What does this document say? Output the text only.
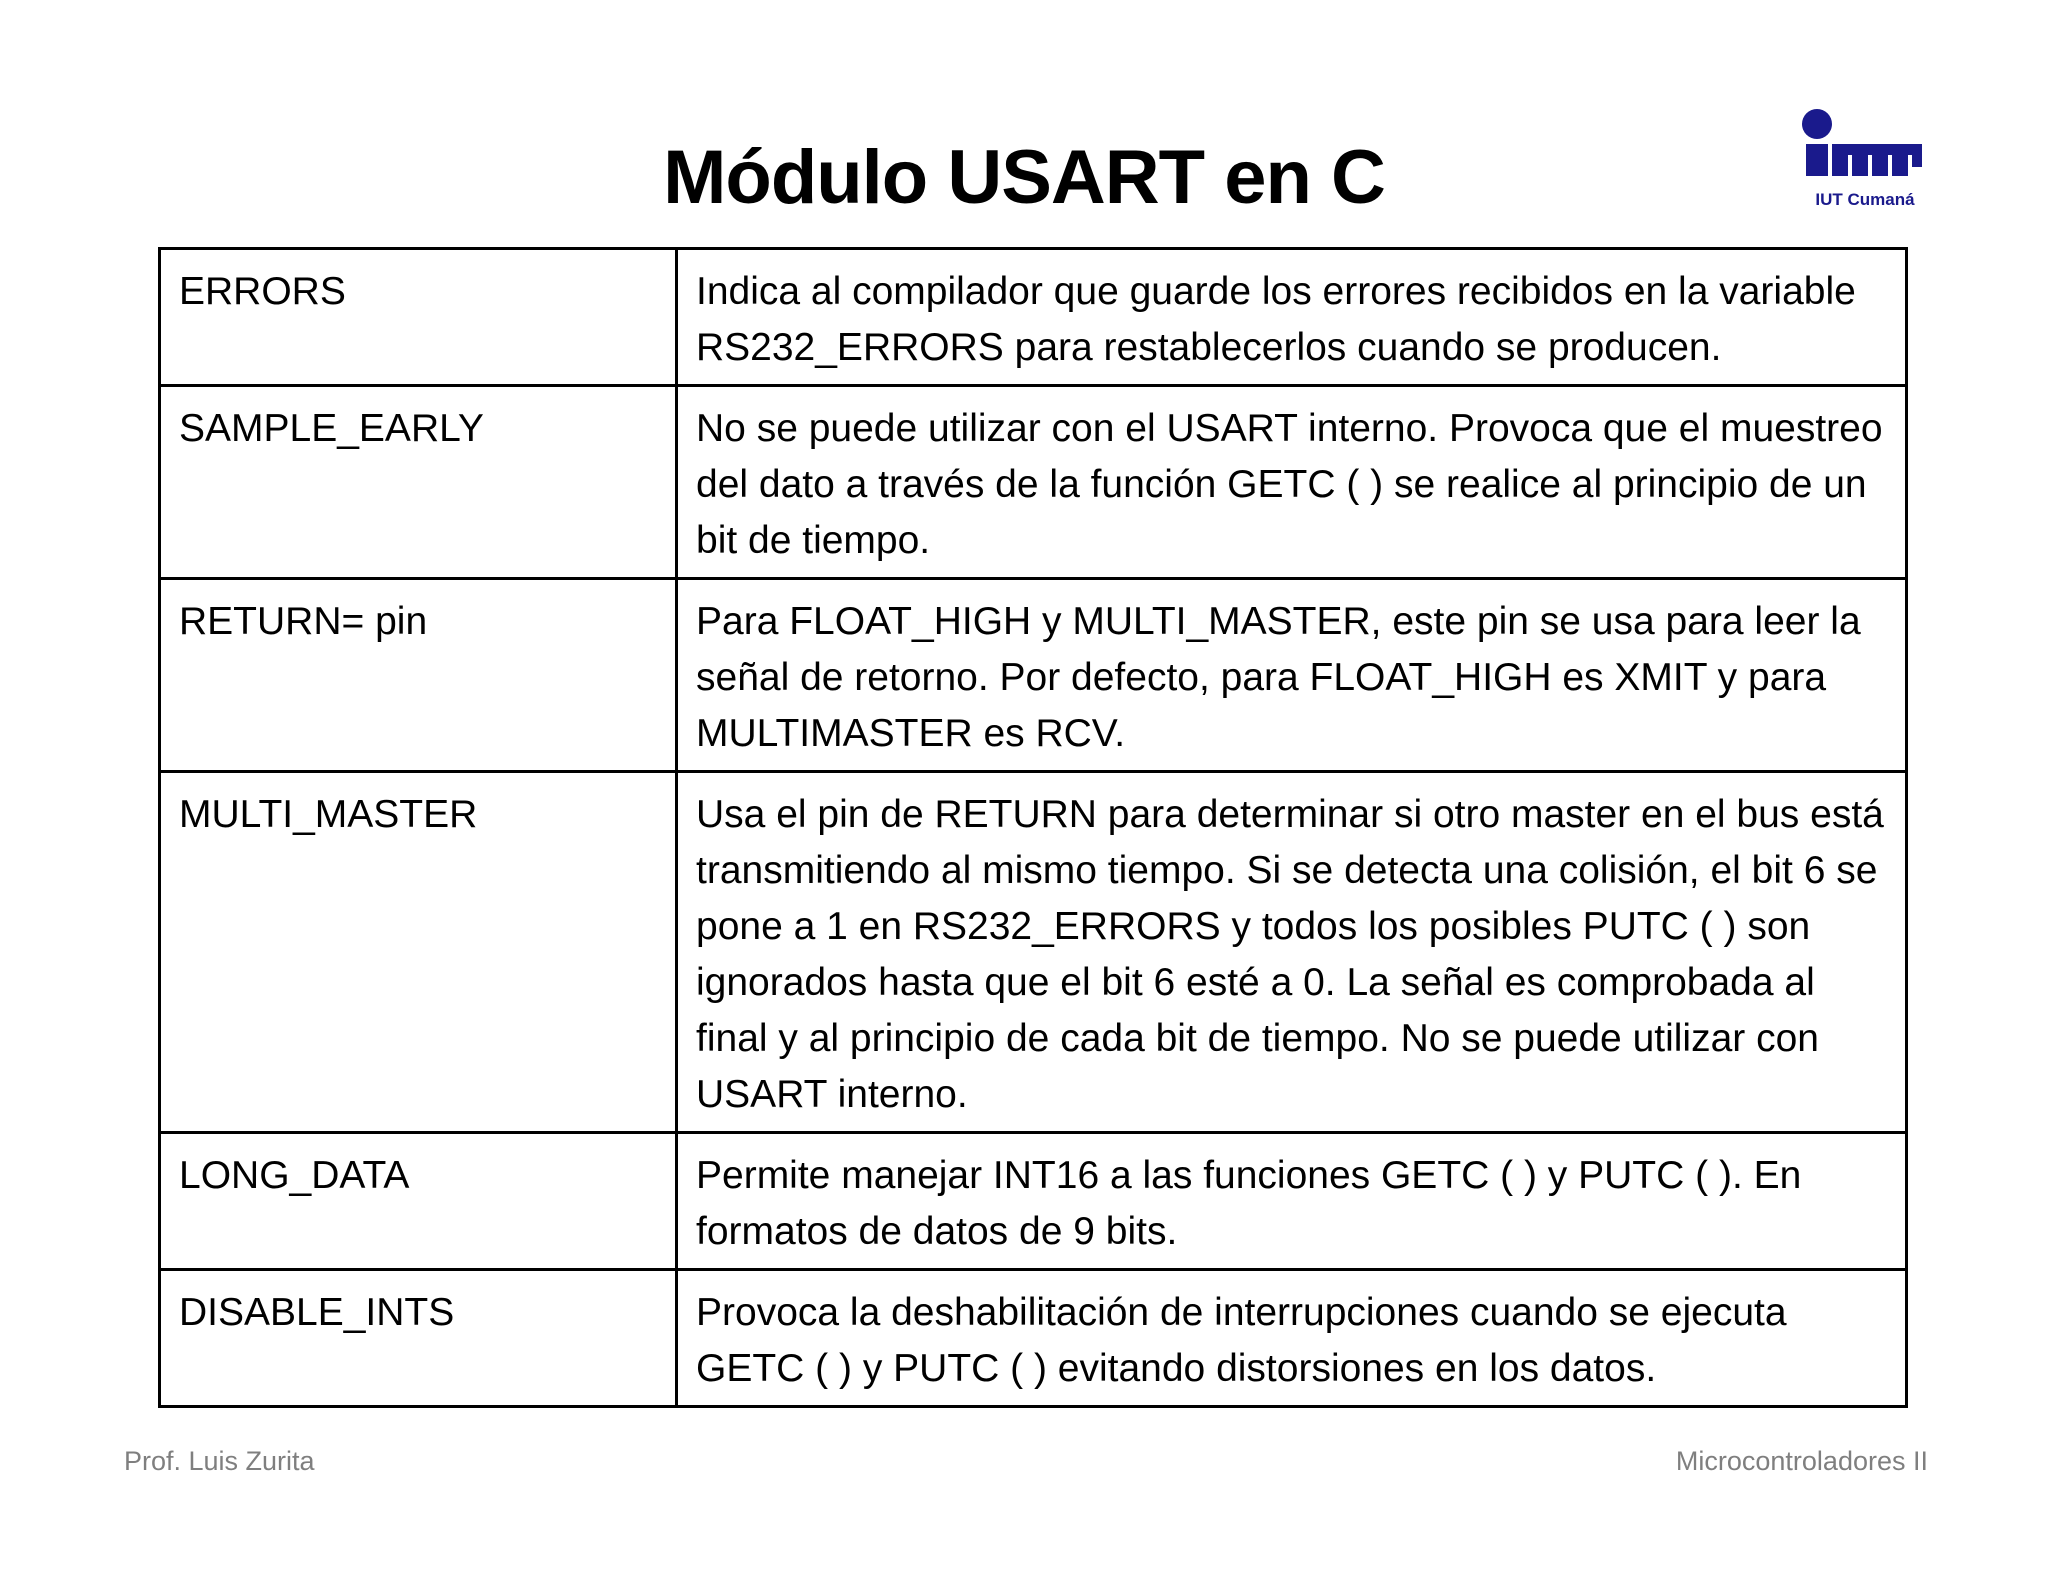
Módulo USART en C	IUT Cumaná
ERRORS	Indica al compilador que guarde los errores recibidos en la variable RS232_ERRORS para restablecerlos cuando se producen.
SAMPLE_EARLY	No se puede utilizar con el USART interno. Provoca que el muestreo del dato a través de la función GETC ( ) se realice al principio de un bit de tiempo.
RETURN= pin	Para FLOAT_HIGH y MULTI_MASTER, este pin se usa para leer la señal de retorno. Por defecto, para FLOAT_HIGH es XMIT y para MULTIMASTER es RCV.
MULTI_MASTER	Usa el pin de RETURN para determinar si otro master en el bus está transmitiendo al mismo tiempo. Si se detecta una colisión, el bit 6 se pone a 1 en RS232_ERRORS y todos los posibles PUTC ( ) son ignorados hasta que el bit 6 esté a 0. La señal es comprobada al final y al principio de cada bit de tiempo. No se puede utilizar con USART interno.
LONG_DATA	Permite manejar INT16 a las funciones GETC ( ) y PUTC ( ). En formatos de datos de 9 bits.
DISABLE_INTS	Provoca la deshabilitación de interrupciones cuando se ejecuta GETC ( ) y PUTC ( ) evitando distorsiones en los datos.
Prof. Luis Zurita	Microcontroladores II
